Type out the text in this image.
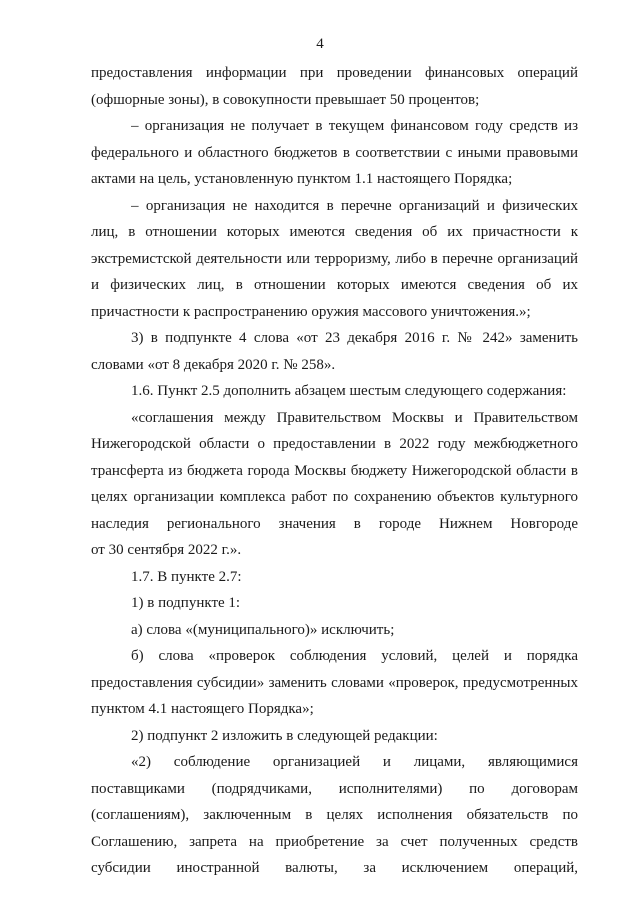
4
предоставления информации при проведении финансовых операций
(офшорные зоны), в совокупности превышает 50 процентов;
– организация не получает в текущем финансовом году средств из
федерального и областного бюджетов в соответствии с иными правовыми
актами на цель, установленную пунктом 1.1 настоящего Порядка;
– организация не находится в перечне организаций и физических
лиц, в отношении которых имеются сведения об их причастности к
экстремистской деятельности или терроризму, либо в перечне организаций
и физических лиц, в отношении которых имеются сведения об их
причастности к распространению оружия массового уничтожения.»;
3) в подпункте 4 слова «от 23 декабря 2016 г. № 242» заменить
словами «от 8 декабря 2020 г. № 258».
1.6. Пункт 2.5 дополнить абзацем шестым следующего содержания:
«соглашения между Правительством Москвы и Правительством
Нижегородской области о предоставлении в 2022 году межбюджетного
трансферта из бюджета города Москвы бюджету Нижегородской области в
целях организации комплекса работ по сохранению объектов культурного
наследия регионального значения в городе Нижнем Новгороде
от 30 сентября 2022 г.».
1.7. В пункте 2.7:
1) в подпункте 1:
а) слова «(муниципального)» исключить;
б) слова «проверок соблюдения условий, целей и порядка
предоставления субсидии» заменить словами «проверок, предусмотренных
пунктом 4.1 настоящего Порядка»;
2) подпункт 2 изложить в следующей редакции:
«2) соблюдение организацией и лицами, являющимися
поставщиками (подрядчиками, исполнителями) по договорам
(соглашениям), заключенным в целях исполнения обязательств по
Соглашению, запрета на приобретение за счет полученных средств
субсидии иностранной валюты, за исключением операций,
